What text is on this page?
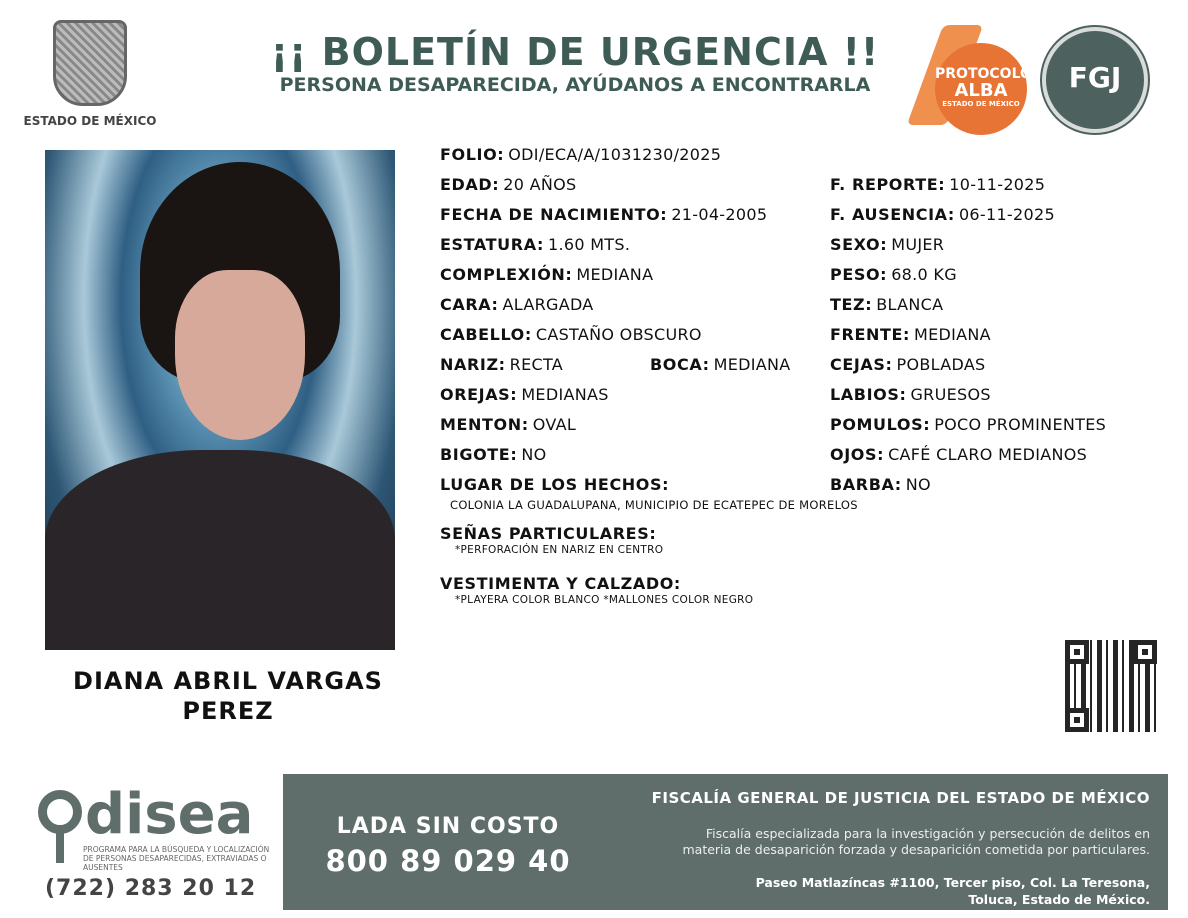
ESTADO DE MÉXICO
¡¡ BOLETÍN DE URGENCIA !!
PERSONA DESAPARECIDA, AYÚDANOS A ENCONTRARLA	PROTOCOLO
ALBA
ESTADO DE MÉXICO
FGJ
DIANA ABRIL VARGAS
PEREZ
FOLIO: ODI/ECA/A/1031230/2025
EDAD: 20 AÑOS	F. REPORTE: 10-11-2025
FECHA DE NACIMIENTO: 21-04-2005	F. AUSENCIA: 06-11-2025
ESTATURA: 1.60 MTS.	SEXO: MUJER
COMPLEXIÓN: MEDIANA	PESO: 68.0 KG
CARA: ALARGADA	TEZ: BLANCA
CABELLO: CASTAÑO OBSCURO	FRENTE: MEDIANA
NARIZ: RECTA	BOCA: MEDIANA CEJAS: POBLADAS
OREJAS: MEDIANAS	LABIOS: GRUESOS
MENTON: OVAL	POMULOS: POCO PROMINENTES
BIGOTE: NO	OJOS: CAFÉ CLARO MEDIANOS
LUGAR DE LOS HECHOS:	BARBA: NO
COLONIA LA GUADALUPANA, MUNICIPIO DE ECATEPEC DE MORELOS
SEÑAS PARTICULARES:
*PERFORACIÓN EN NARIZ EN CENTRO
VESTIMENTA Y CALZADO:
*PLAYERA COLOR BLANCO *MALLONES COLOR NEGRO
disea
PROGRAMA PARA LA BÚSQUEDA Y LOCALIZACIÓN DE PERSONAS DESAPARECIDAS, EXTRAVIADAS O AUSENTES
(722) 283 20 12
LADA SIN COSTO
800 89 029 40
FISCALÍA GENERAL DE JUSTICIA DEL ESTADO DE MÉXICO
Fiscalía especializada para la investigación y persecución de delitos en
materia de desaparición forzada y desaparición cometida por particulares.
Paseo Matlazíncas #1100, Tercer piso, Col. La Teresona,
Toluca, Estado de México.
